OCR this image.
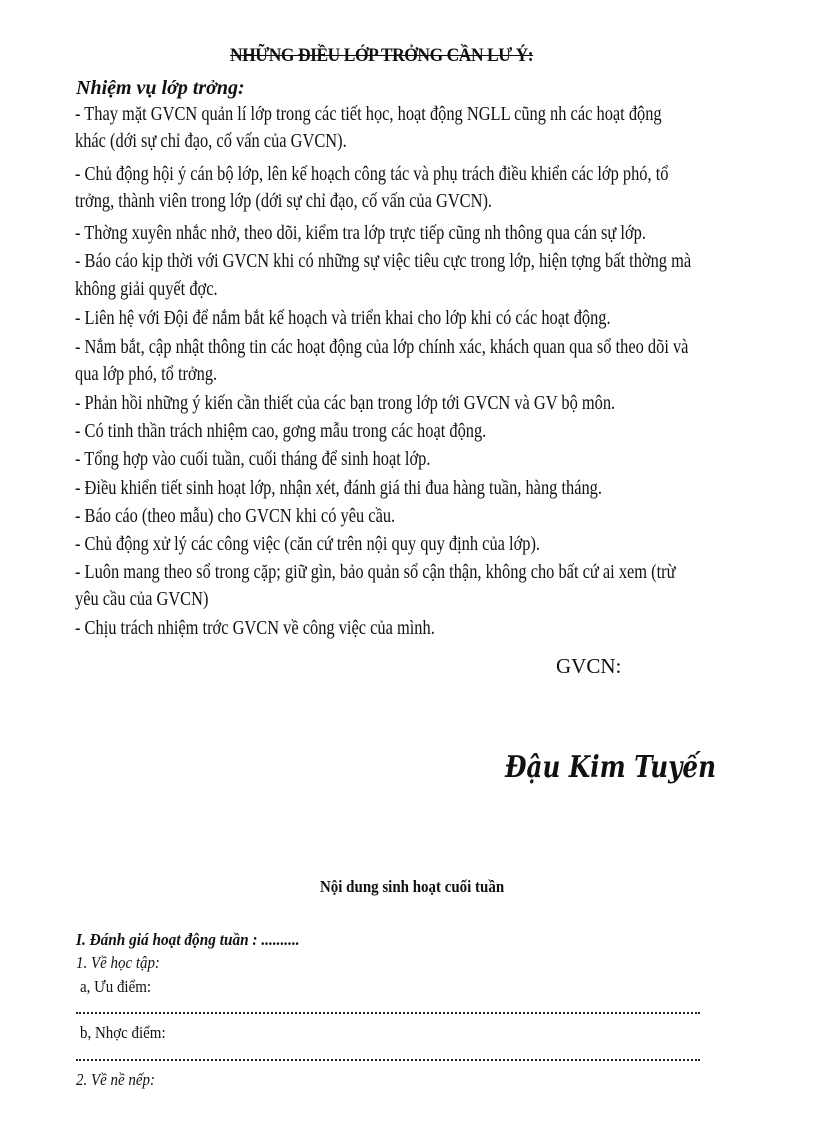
NHỮNG ĐIỀU LỚP TRỞNG CẦN LƯ Ý:
Nhiệm vụ lớp trởng:
- Thay mặt GVCN quản lí lớp trong các tiết học, hoạt động NGLL cũng nh các hoạt động
khác (dới sự chỉ đạo, cố vấn của GVCN).
- Chủ động hội ý cán bộ lớp, lên kế hoạch công tác và phụ trách điều khiển các lớp phó, tổ
trởng, thành viên trong lớp (dới sự chỉ đạo, cố vấn của GVCN).
- Thờng xuyên nhắc nhở, theo dõi, kiểm tra lớp trực tiếp cũng nh thông qua cán sự lớp.
- Báo cáo kịp thời với GVCN khi có những sự việc tiêu cực trong lớp, hiện tợng bất thờng mà
không giải quyết đợc.
- Liên hệ với Đội để nắm bắt kế hoạch và triển khai cho lớp khi có các hoạt động.
- Nắm bắt, cập nhật thông tin các hoạt động của lớp chính xác, khách quan qua sổ theo dõi và
qua lớp phó, tổ trởng.
- Phản hồi những ý kiến cần thiết của các bạn trong lớp tới GVCN và GV bộ môn.
- Có tinh thần trách nhiệm cao, gơng mẫu trong các hoạt động.
- Tổng hợp vào cuối tuần, cuối tháng để sinh hoạt lớp.
- Điều khiển tiết sinh hoạt lớp, nhận xét, đánh giá thi đua hàng tuần, hàng tháng.
- Báo cáo (theo mẫu) cho GVCN khi có yêu cầu.
- Chủ động xử lý các công việc (căn cứ trên nội quy quy định của lớp).
- Luôn mang theo sổ trong cặp; giữ gìn, bảo quản sổ cận thận, không cho bất cứ ai xem (trừ
yêu cầu của GVCN)
- Chịu trách nhiệm trớc GVCN về công việc của mình.
GVCN:
Đậu Kim Tuyến
Nội dung sinh hoạt cuối tuần
I. Đánh giá hoạt động tuần : ..........
1. Về học tập:
a, Ưu điểm:
b, Nhợc điểm:
2. Về nề nếp:
